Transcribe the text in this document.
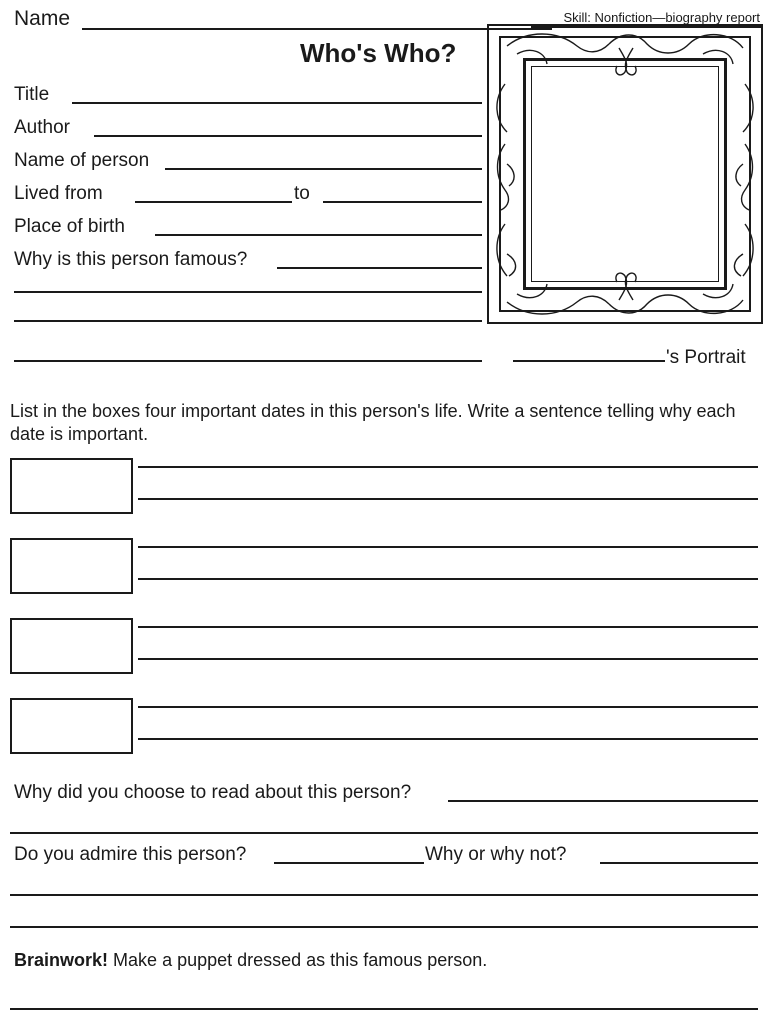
Name	Skill: Nonfiction—biography report
Who's Who?
Title
Author
Name of person
Lived from	to
Place of birth
Why is this person famous?
's Portrait
List in the boxes four important dates in this person's life. Write a sentence telling why each date is important.
Why did you choose to read about this person?
Do you admire this person?	Why or why not?
Brainwork! Make a puppet dressed as this famous person.
